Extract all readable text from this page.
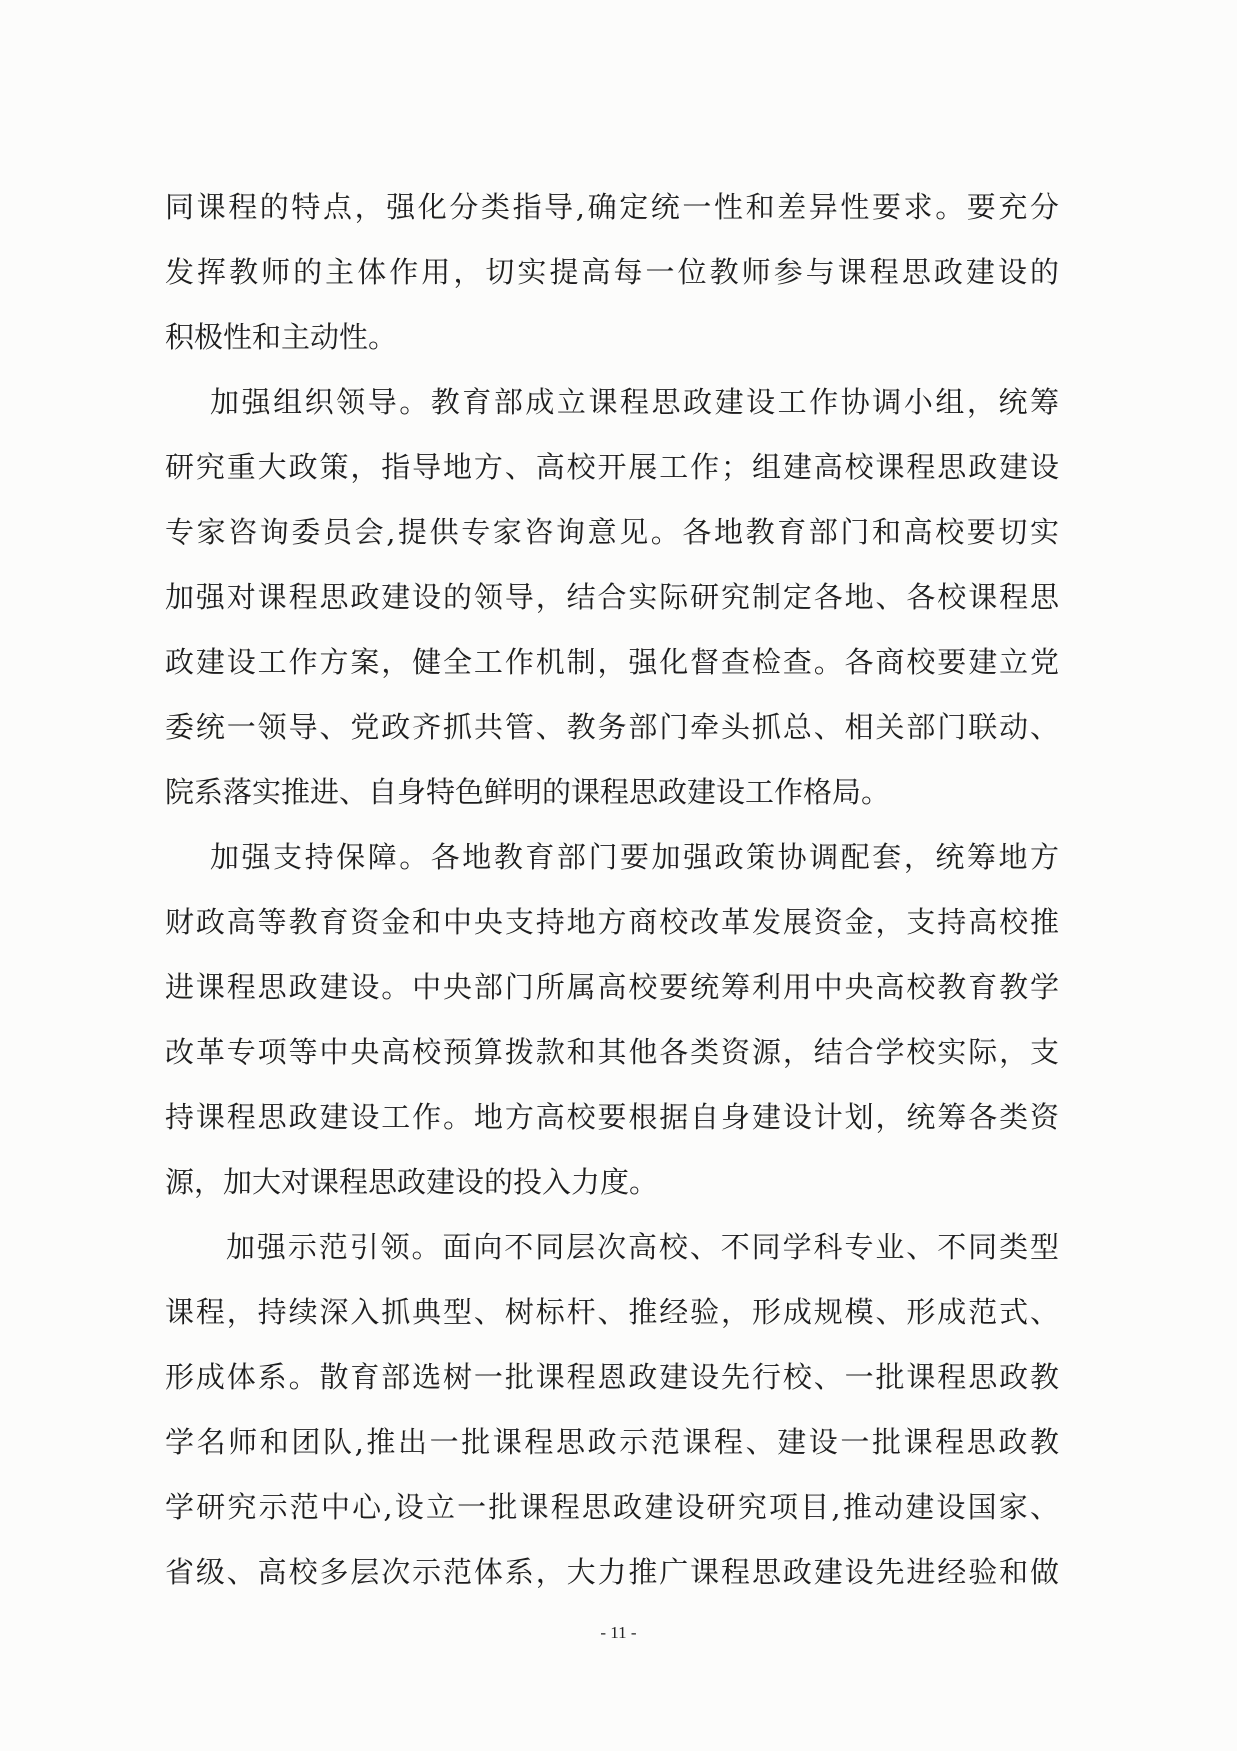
同课程的特点，强化分类指导,确定统一性和差异性要求。要充分
发挥教师的主体作用，切实提高每一位教师参与课程思政建设的
积极性和主动性。
加强组织领导。教育部成立课程思政建设工作协调小组，统筹
研究重大政策，指导地方、高校开展工作；组建高校课程思政建设
专家咨询委员会,提供专家咨询意见。各地教育部门和高校要切实
加强对课程思政建设的领导，结合实际研究制定各地、各校课程思
政建设工作方案，健全工作机制，强化督查检查。各商校要建立党
委统一领导、党政齐抓共管、教务部门牵头抓总、相关部门联动、
院系落实推进、自身特色鲜明的课程思政建设工作格局。
加强支持保障。各地教育部门要加强政策协调配套，统筹地方
财政高等教育资金和中央支持地方商校改革发展资金，支持高校推
进课程思政建设。中央部门所属高校要统筹利用中央高校教育教学
改革专项等中央高校预算拨款和其他各类资源，结合学校实际，支
持课程思政建设工作。地方高校要根据自身建设计划，统筹各类资
源，加大对课程思政建设的投入力度。
加强示范引领。面向不同层次高校、不同学科专业、不同类型
课程，持续深入抓典型、树标杆、推经验，形成规模、形成范式、
形成体系。散育部选树一批课程恩政建设先行校、一批课程思政教
学名师和团队,推出一批课程思政示范课程、建设一批课程思政教
学研究示范中心,设立一批课程思政建设研究项目,推动建设国家、
省级、高校多层次示范体系，大力推广课程思政建设先进经验和做
- 11 -
